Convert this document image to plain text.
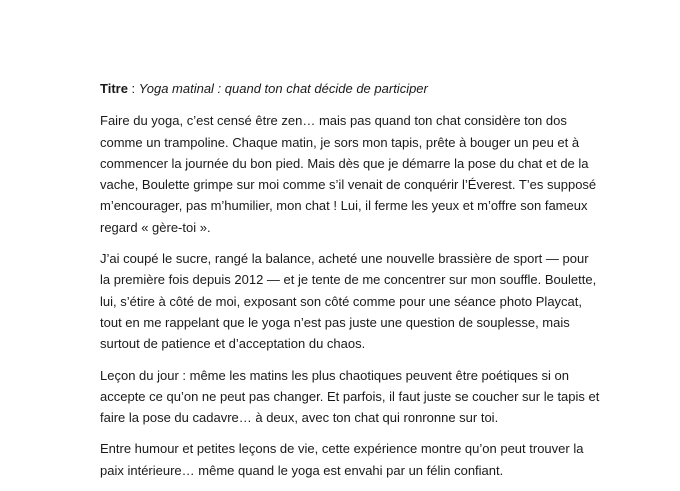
Titre : Yoga matinal : quand ton chat décide de participer

Faire du yoga, c’est censé être zen… mais pas quand ton chat considère ton dos comme un trampoline. Chaque matin, je sors mon tapis, prête à bouger un peu et à commencer la journée du bon pied. Mais dès que je démarre la pose du chat et de la vache, Boulette grimpe sur moi comme s’il venait de conquérir l’Éverest. T’es supposé m’encourager, pas m’humilier, mon chat ! Lui, il ferme les yeux et m’offre son fameux regard « gère-toi ».

J’ai coupé le sucre, rangé la balance, acheté une nouvelle brassière de sport — pour la première fois depuis 2012 — et je tente de me concentrer sur mon souffle. Boulette, lui, s’étire à côté de moi, exposant son côté comme pour une séance photo Playcat, tout en me rappelant que le yoga n’est pas juste une question de souplesse, mais surtout de patience et d’acceptation du chaos.

Leçon du jour : même les matins les plus chaotiques peuvent être poétiques si on accepte ce qu’on ne peut pas changer. Et parfois, il faut juste se coucher sur le tapis et faire la pose du cadavre… à deux, avec ton chat qui ronronne sur toi.

Entre humour et petites leçons de vie, cette expérience montre qu’on peut trouver la paix intérieure… même quand le yoga est envahi par un félin confiant.
